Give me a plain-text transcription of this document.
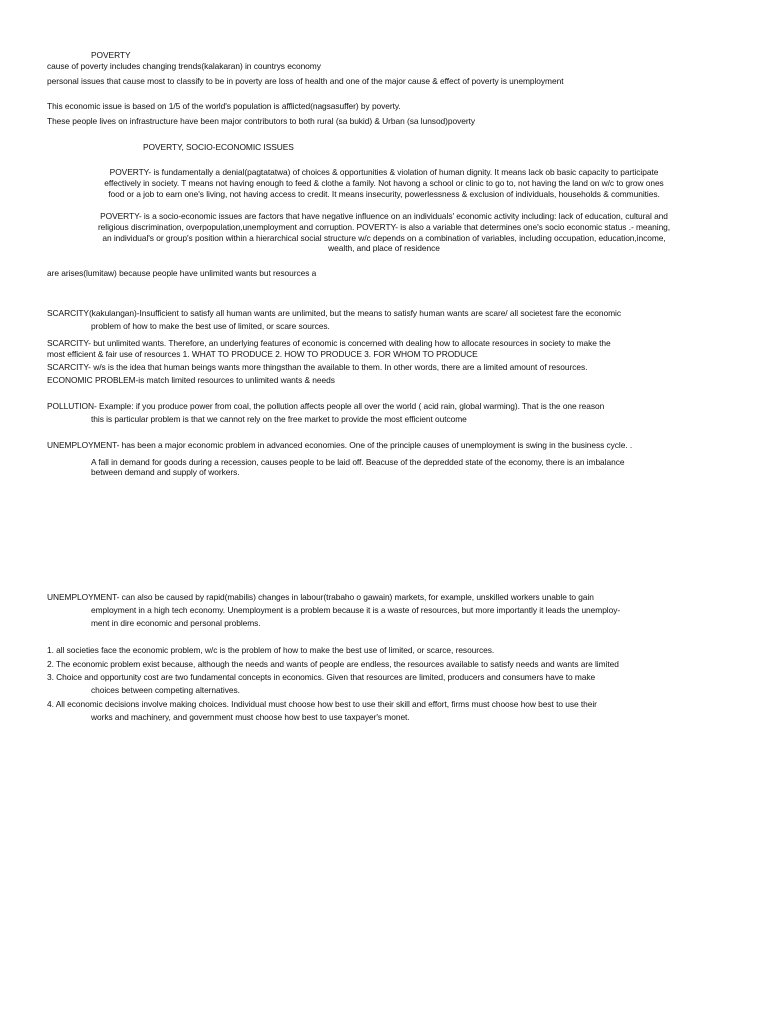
POVERTY
cause of poverty includes changing trends(kalakaran) in countrys economy
personal issues that cause most to classify to be in poverty are loss of health and one of the major cause & effect of poverty is unemployment
This economic issue is based on 1/5 of the world's population is afflicted(nagsasuffer) by poverty.
These people lives on infrastructure have been major contributors to both rural (sa bukid) & Urban (sa lunsod)poverty
POVERTY, SOCIO-ECONOMIC ISSUES
POVERTY- is fundamentally a denial(pagtatatwa) of choices & opportunities & violation of human dignity. It means lack ob basic capacity to participate
effectively in society. T means not having enough to feed & clothe a family. Not havong a school or clinic to go to, not having the land on w/c to grow ones
food or a job to earn one's living, not having access to credit. It means insecurity, powerlessness & exclusion of individuals, households & communities.
POVERTY- is a socio-economic issues are factors that have negative influence on an individuals' economic activity including: lack of education, cultural and
religious discrimination, overpopulation,unemployment and corruption. POVERTY- is also a variable that determines one's socio economic status .- meaning,
an individual's or group's position within a hierarchical social structure w/c depends on a combination of variables, including occupation, education,income,
wealth, and place of residence
are arises(lumitaw) because people have unlimited wants but resources a
SCARCITY(kakulangan)-Insufficient to satisfy all human wants are unlimited, but the means to satisfy human wants are scare/ all societest fare the economic
problem of how to make the best use of limited, or scare sources.
SCARCITY- but unlimited wants. Therefore, an underlying features of economic is concerned with dealing how to allocate resources in society to make the
most efficient & fair use of resources 1. WHAT TO PRODUCE 2. HOW TO PRODUCE 3. FOR WHOM TO PRODUCE
SCARCITY- w/s is the idea that human beings wants more thingsthan the available to them. In other words, there are a limited amount of resources.
ECONOMIC PROBLEM-is match limited resources to unlimited wants & needs
POLLUTION- Example: if you produce power from coal, the pollution affects people all over the world ( acid rain, global warming). That is the one reason
this is particular problem is that we cannot rely on the free market to provide the most efficient outcome
UNEMPLOYMENT- has been a major economic problem in advanced economies. One of the principle causes of unemployment is swing in the business cycle. .
A fall in demand for goods during a recession, causes people to be laid off. Beacuse of the depredded state of the economy, there is an imbalance
between demand and supply of workers.
UNEMPLOYMENT- can also be caused by rapid(mabilis) changes in labour(trabaho o gawain) markets, for example, unskilled workers unable to gain
employment in a high tech economy. Unemployment is a problem because it is a waste of resources, but more importantly it leads the unemploy-
ment in dire economic and personal problems.
1. all societies face the economic problem, w/c is the problem of how to make the best use of limited, or scarce, resources.
2. The economic problem exist because, although the needs and wants of people are endless, the resources available to satisfy needs and wants are limited
3. Choice and opportunity cost are two fundamental concepts in economics. Given that resources are limited, producers and consumers have to make
choices between competing alternatives.
4. All economic decisions involve making choices. Individual must choose how best to use their skill and effort, firms must choose how best to use their
works and machinery, and government must choose how best to use taxpayer's monet.
